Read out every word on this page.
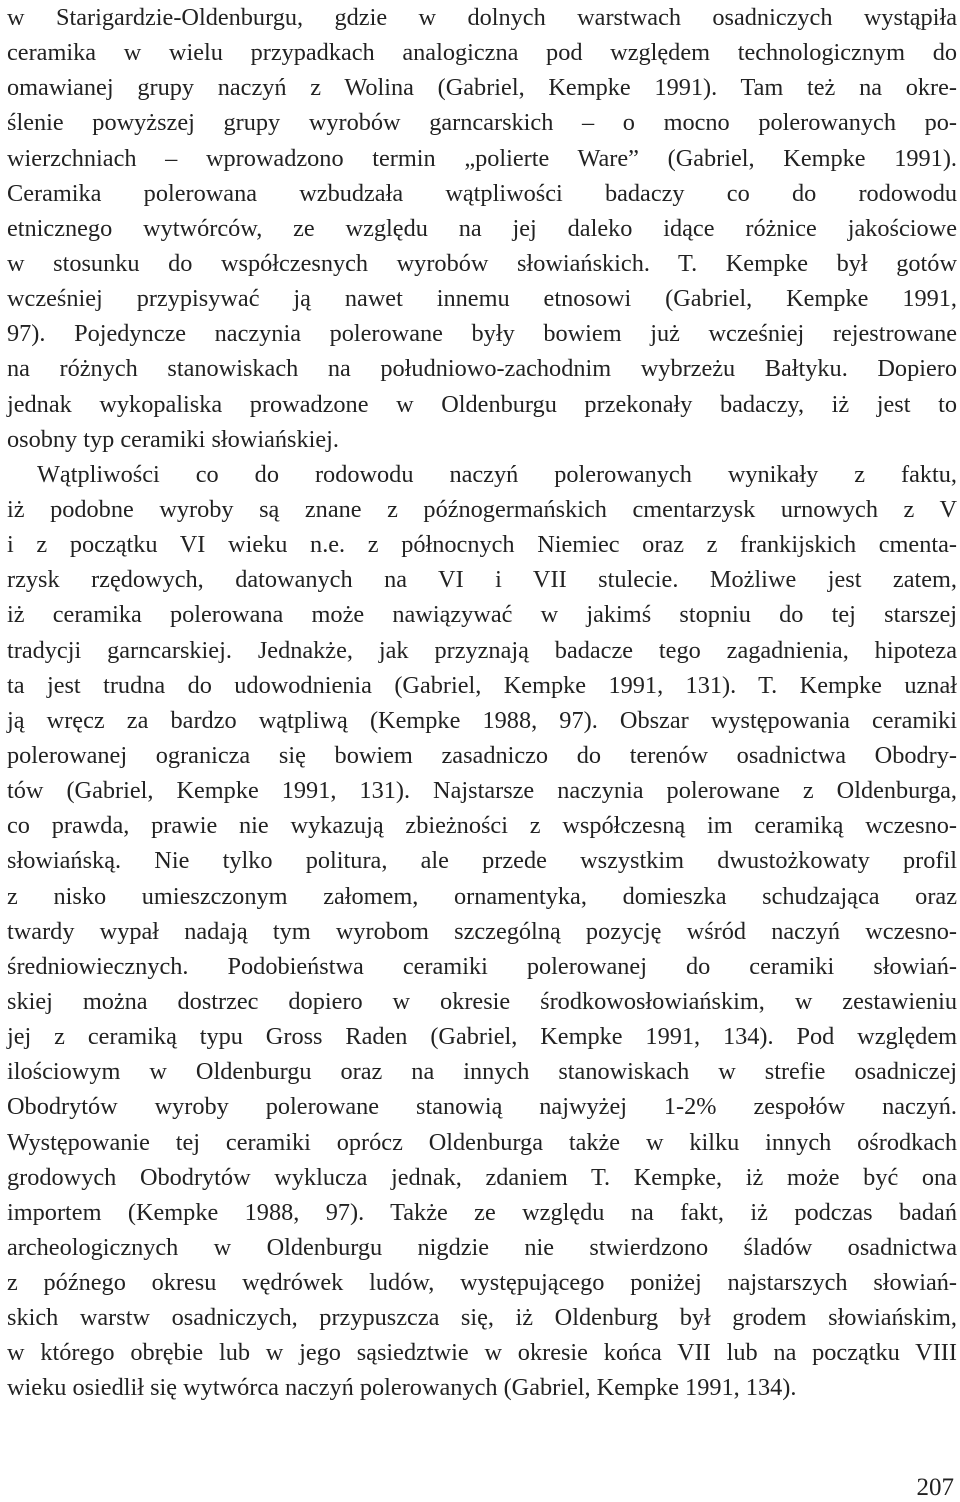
w Starigardzie-Oldenburgu, gdzie w dolnych warstwach osadniczych wystąpiła
ceramika w wielu przypadkach analogiczna pod względem technologicznym do
omawianej grupy naczyń z Wolina (Gabriel, Kempke 1991). Tam też na okre-
ślenie powyższej grupy wyrobów garncarskich – o mocno polerowanych po-
wierzchniach – wprowadzono termin „polierte Ware” (Gabriel, Kempke 1991).
Ceramika polerowana wzbudzała wątpliwości badaczy co do rodowodu
etnicznego wytwórców, ze względu na jej daleko idące różnice jakościowe
w stosunku do współczesnych wyrobów słowiańskich. T. Kempke był gotów
wcześniej przypisywać ją nawet innemu etnosowi (Gabriel, Kempke 1991,
97). Pojedyncze naczynia polerowane były bowiem już wcześniej rejestrowane
na różnych stanowiskach na południowo-zachodnim wybrzeżu Bałtyku. Dopiero
jednak wykopaliska prowadzone w Oldenburgu przekonały badaczy, iż jest to
osobny typ ceramiki słowiańskiej.
Wątpliwości co do rodowodu naczyń polerowanych wynikały z faktu,
iż podobne wyroby są znane z późnogermańskich cmentarzysk urnowych z V
i z początku VI wieku n.e. z północnych Niemiec oraz z frankijskich cmenta-
rzysk rzędowych, datowanych na VI i VII stulecie. Możliwe jest zatem,
iż ceramika polerowana może nawiązywać w jakimś stopniu do tej starszej
tradycji garncarskiej. Jednakże, jak przyznają badacze tego zagadnienia, hipoteza
ta jest trudna do udowodnienia (Gabriel, Kempke 1991, 131). T. Kempke uznał
ją wręcz za bardzo wątpliwą (Kempke 1988, 97). Obszar występowania ceramiki
polerowanej ogranicza się bowiem zasadniczo do terenów osadnictwa Obodry-
tów (Gabriel, Kempke 1991, 131). Najstarsze naczynia polerowane z Oldenburga,
co prawda, prawie nie wykazują zbieżności z współczesną im ceramiką wczesno-
słowiańską. Nie tylko politura, ale przede wszystkim dwustożkowaty profil
z nisko umieszczonym załomem, ornamentyka, domieszka schudzająca oraz
twardy wypał nadają tym wyrobom szczególną pozycję wśród naczyń wczesno-
średniowiecznych. Podobieństwa ceramiki polerowanej do ceramiki słowiań-
skiej można dostrzec dopiero w okresie środkowosłowiańskim, w zestawieniu
jej z ceramiką typu Gross Raden (Gabriel, Kempke 1991, 134). Pod względem
ilościowym w Oldenburgu oraz na innych stanowiskach w strefie osadniczej
Obodrytów wyroby polerowane stanowią najwyżej 1-2% zespołów naczyń.
Występowanie tej ceramiki oprócz Oldenburga także w kilku innych ośrodkach
grodowych Obodrytów wyklucza jednak, zdaniem T. Kempke, iż może być ona
importem (Kempke 1988, 97). Także ze względu na fakt, iż podczas badań
archeologicznych w Oldenburgu nigdzie nie stwierdzono śladów osadnictwa
z późnego okresu wędrówek ludów, występującego poniżej najstarszych słowiań-
skich warstw osadniczych, przypuszcza się, iż Oldenburg był grodem słowiańskim,
w którego obrębie lub w jego sąsiedztwie w okresie końca VII lub na początku VIII
wieku osiedlił się wytwórca naczyń polerowanych (Gabriel, Kempke 1991, 134).
207
